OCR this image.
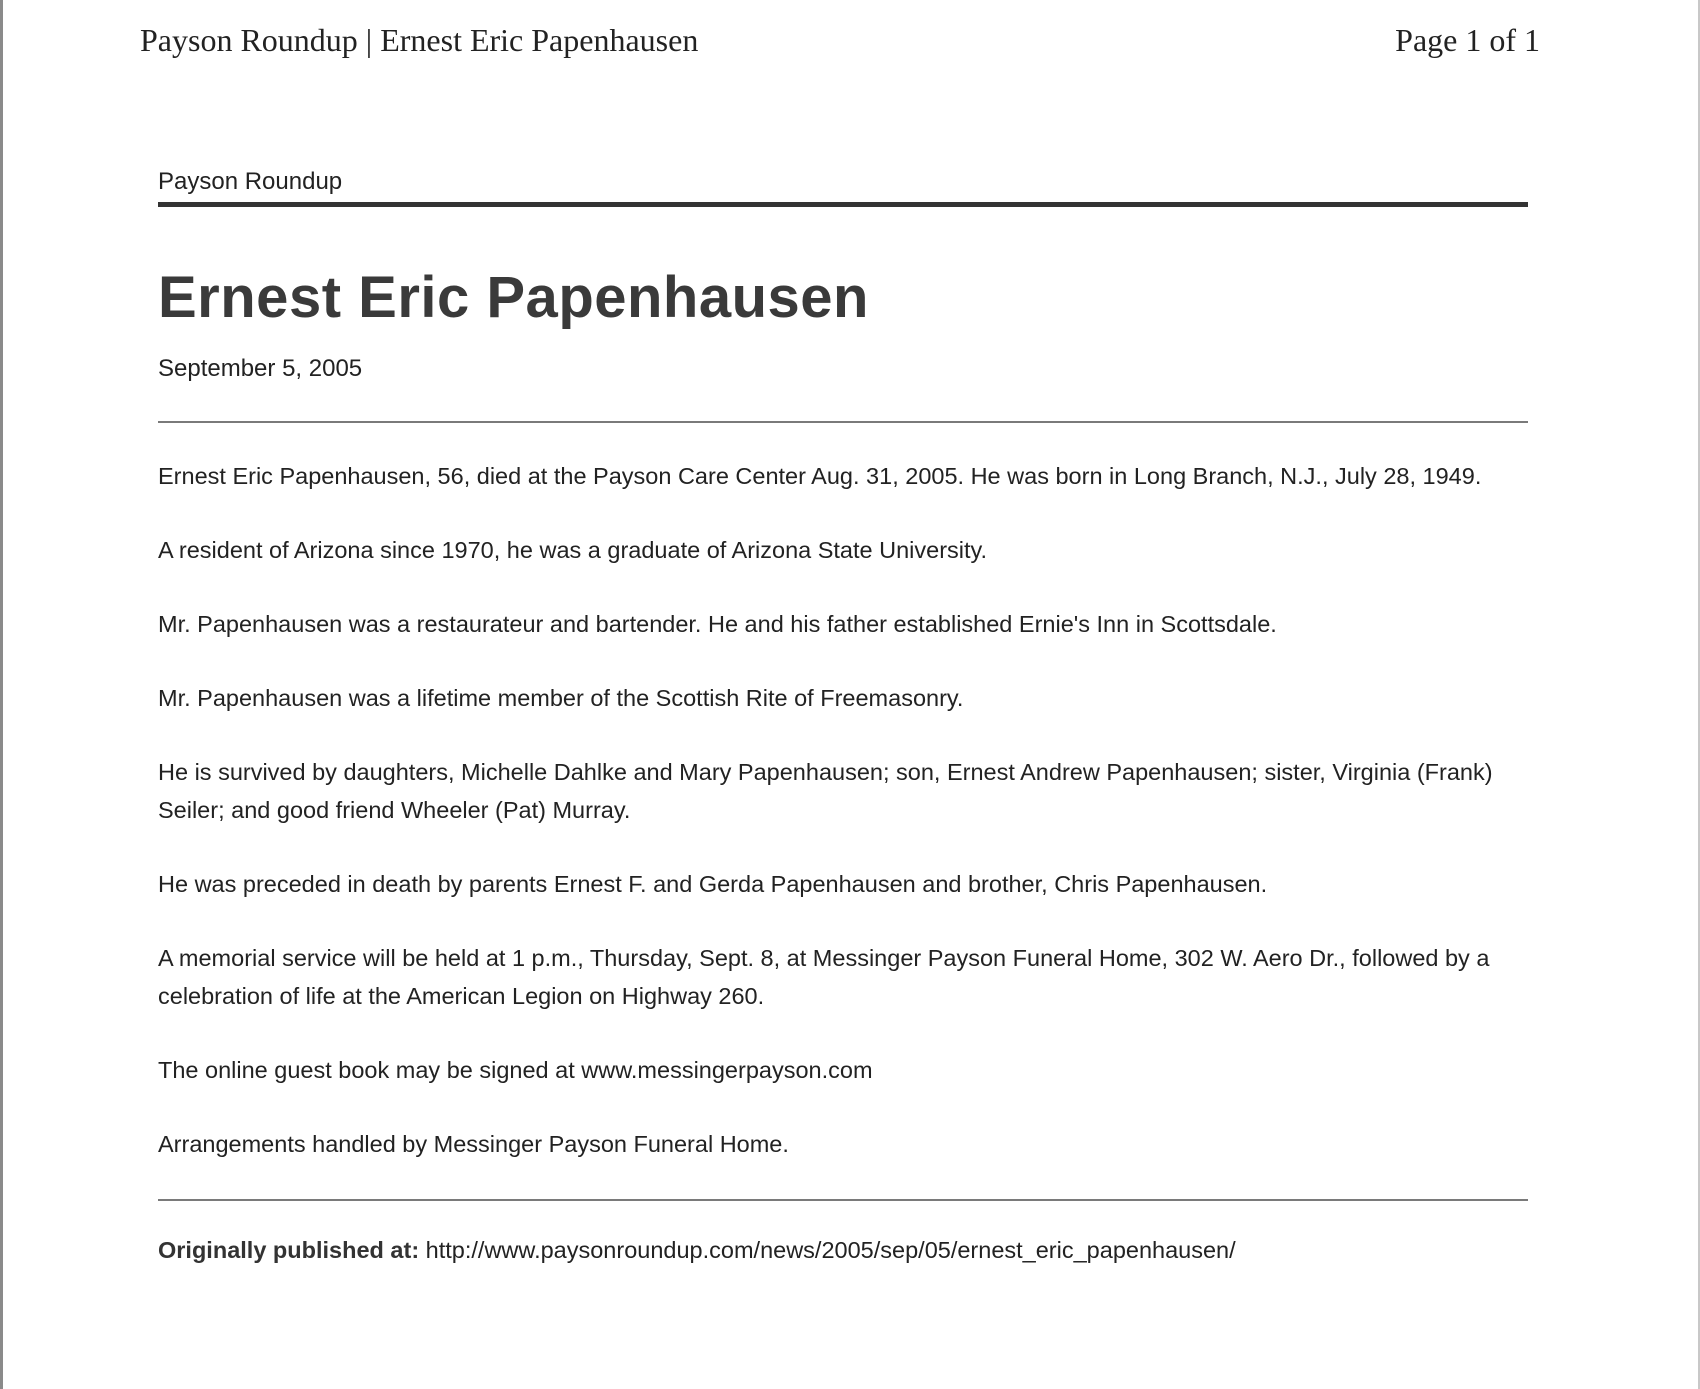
Payson Roundup | Ernest Eric Papenhausen	Page 1 of 1
Payson Roundup
Ernest Eric Papenhausen
September 5, 2005

Ernest Eric Papenhausen, 56, died at the Payson Care Center Aug. 31, 2005. He was born in Long Branch, N.J., July 28, 1949.

A resident of Arizona since 1970, he was a graduate of Arizona State University.

Mr. Papenhausen was a restaurateur and bartender. He and his father established Ernie's Inn in Scottsdale.

Mr. Papenhausen was a lifetime member of the Scottish Rite of Freemasonry.

He is survived by daughters, Michelle Dahlke and Mary Papenhausen; son, Ernest Andrew Papenhausen; sister, Virginia (Frank) Seiler; and good friend Wheeler (Pat) Murray.

He was preceded in death by parents Ernest F. and Gerda Papenhausen and brother, Chris Papenhausen.

A memorial service will be held at 1 p.m., Thursday, Sept. 8, at Messinger Payson Funeral Home, 302 W. Aero Dr., followed by a celebration of life at the American Legion on Highway 260.

The online guest book may be signed at www.messingerpayson.com

Arrangements handled by Messinger Payson Funeral Home.

Originally published at: http://www.paysonroundup.com/news/2005/sep/05/ernest_eric_papenhausen/
